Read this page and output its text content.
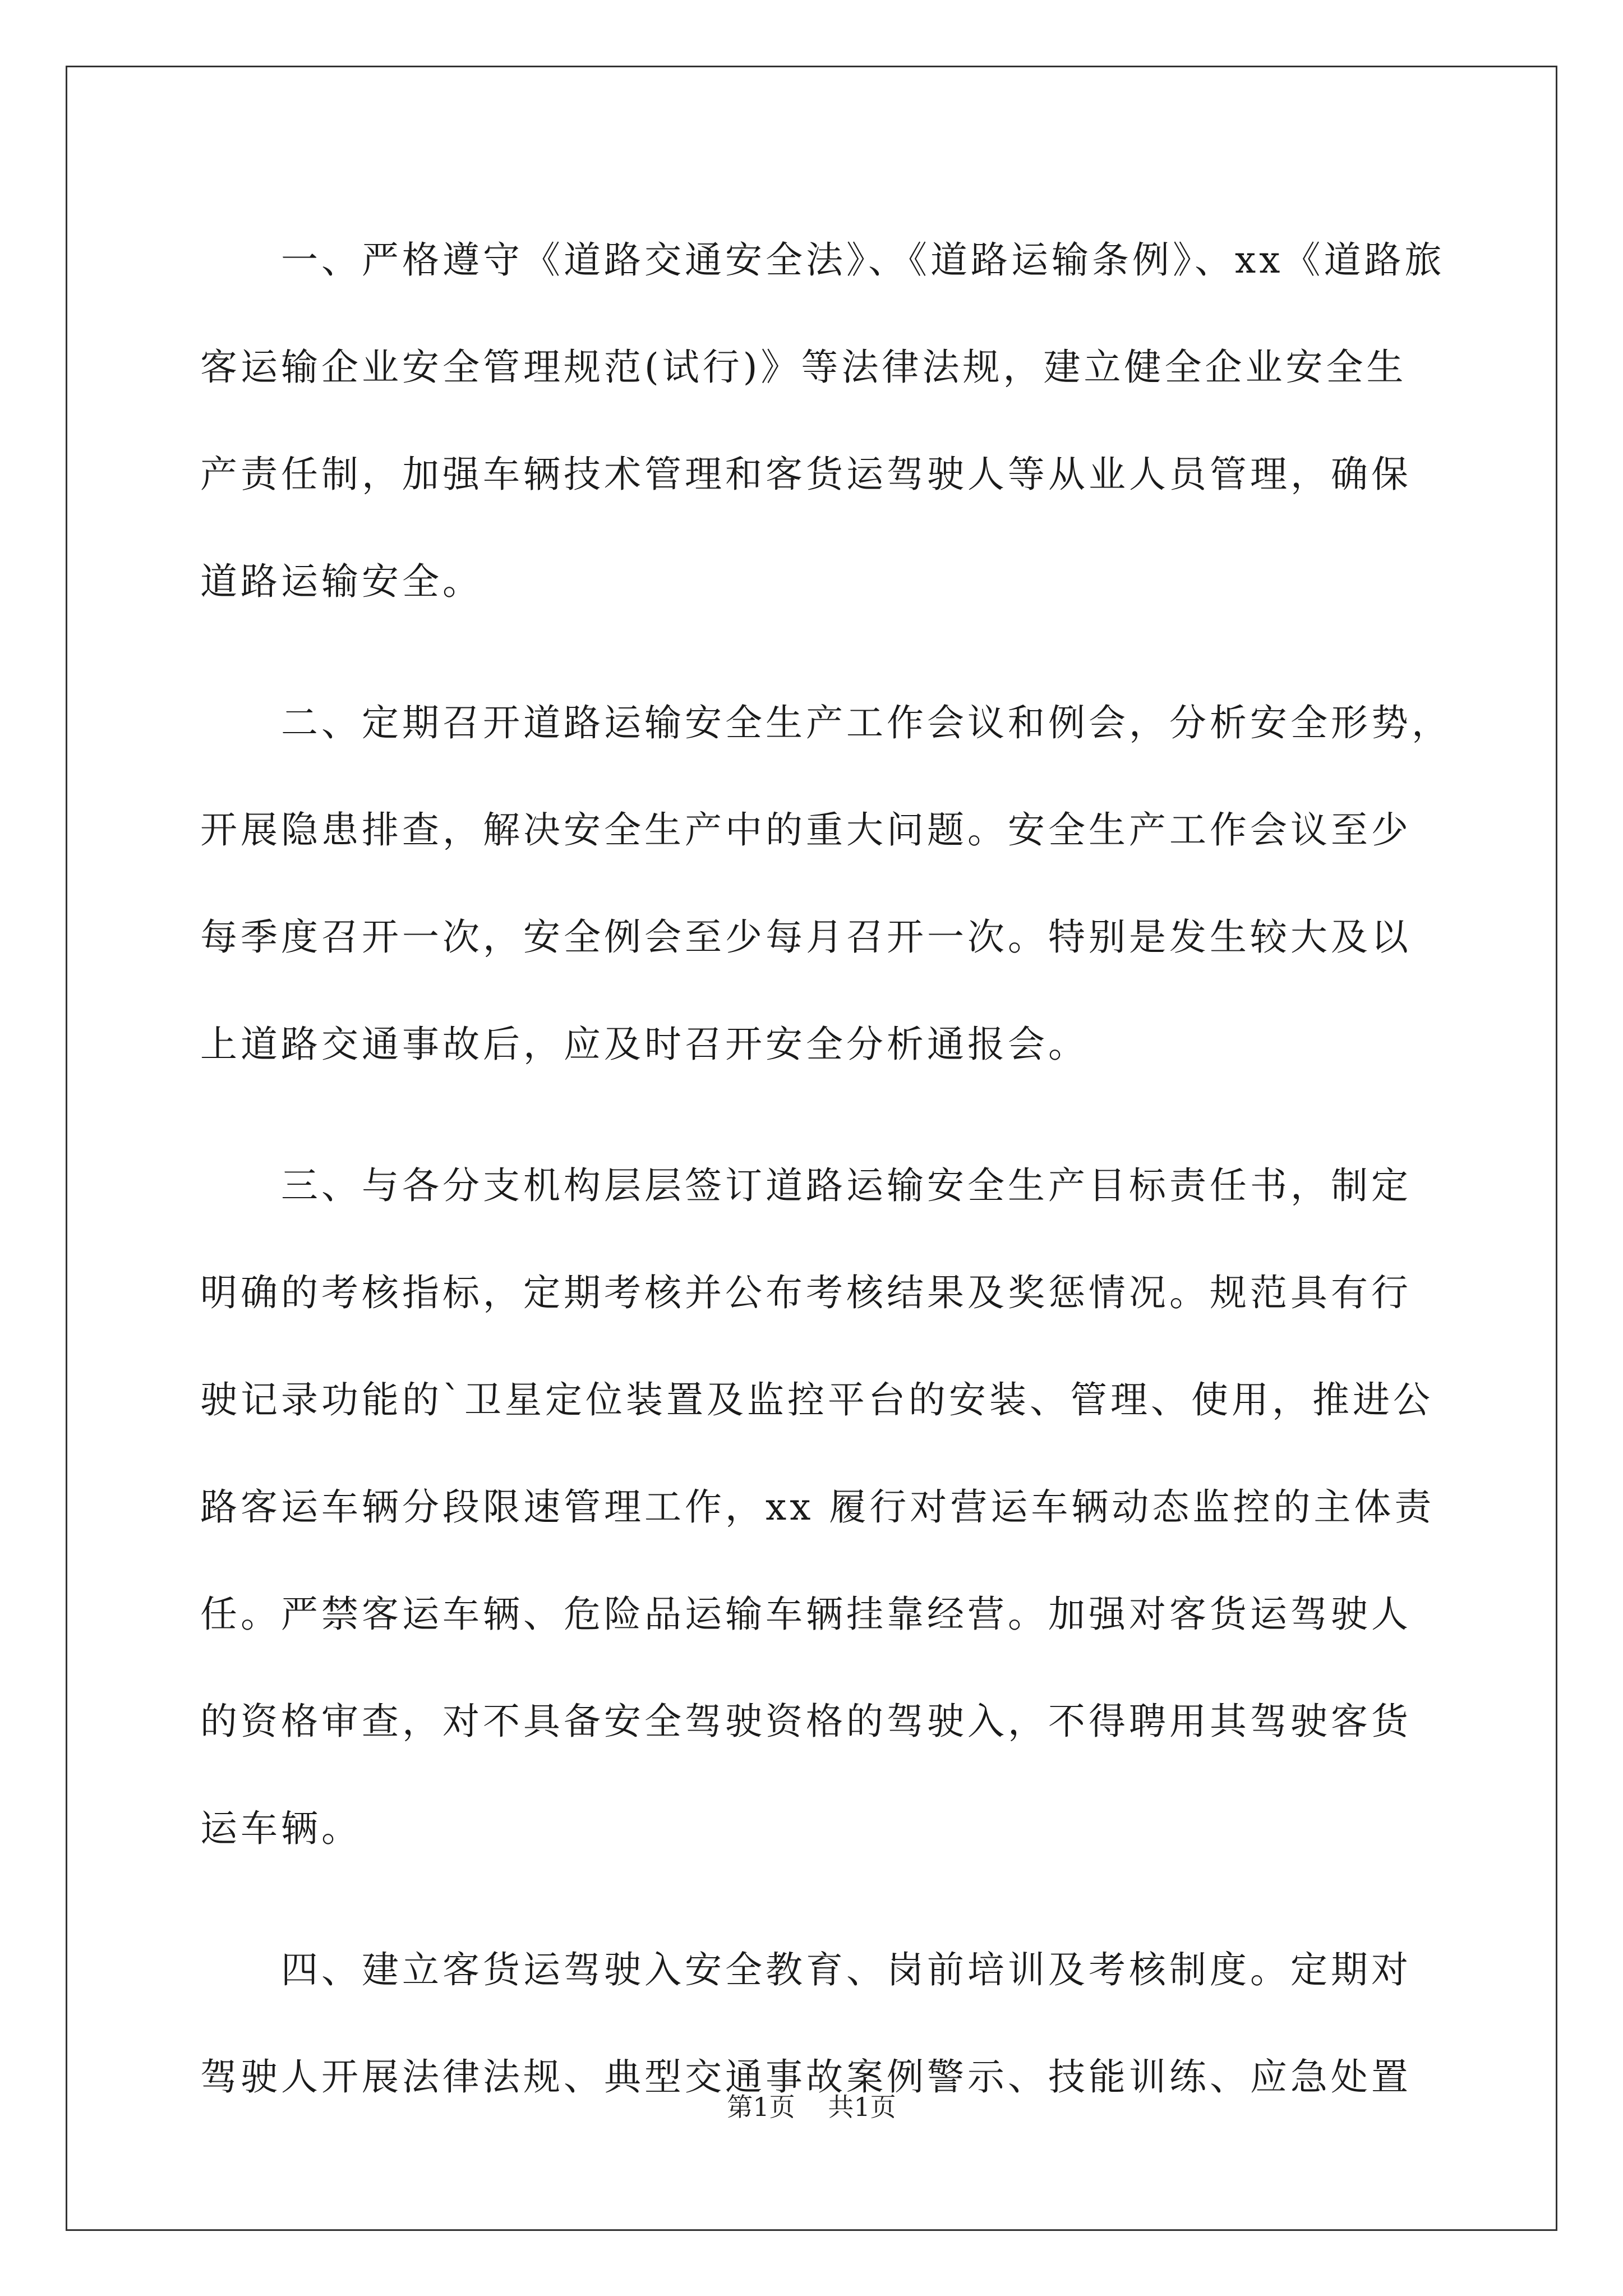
一、严格遵守《道路交通安全法》、《道路运输条例》、xx《道路旅
客运输企业安全管理规范(试行)》等法律法规，建立健全企业安全生
产责任制，加强车辆技术管理和客货运驾驶人等从业人员管理，确保
道路运输安全。

二、定期召开道路运输安全生产工作会议和例会，分析安全形势，
开展隐患排查，解决安全生产中的重大问题。安全生产工作会议至少
每季度召开一次，安全例会至少每月召开一次。特别是发生较大及以
上道路交通事故后，应及时召开安全分析通报会。

三、与各分支机构层层签订道路运输安全生产目标责任书，制定
明确的考核指标，定期考核并公布考核结果及奖惩情况。规范具有行
驶记录功能的`卫星定位装置及监控平台的安装、管理、使用，推进公
路客运车辆分段限速管理工作，xx 履行对营运车辆动态监控的主体责
任。严禁客运车辆、危险品运输车辆挂靠经营。加强对客货运驾驶人
的资格审查，对不具备安全驾驶资格的驾驶入，不得聘用其驾驶客货
运车辆。

四、建立客货运驾驶入安全教育、岗前培训及考核制度。定期对
驾驶人开展法律法规、典型交通事故案例警示、技能训练、应急处置

第1页 共1页
